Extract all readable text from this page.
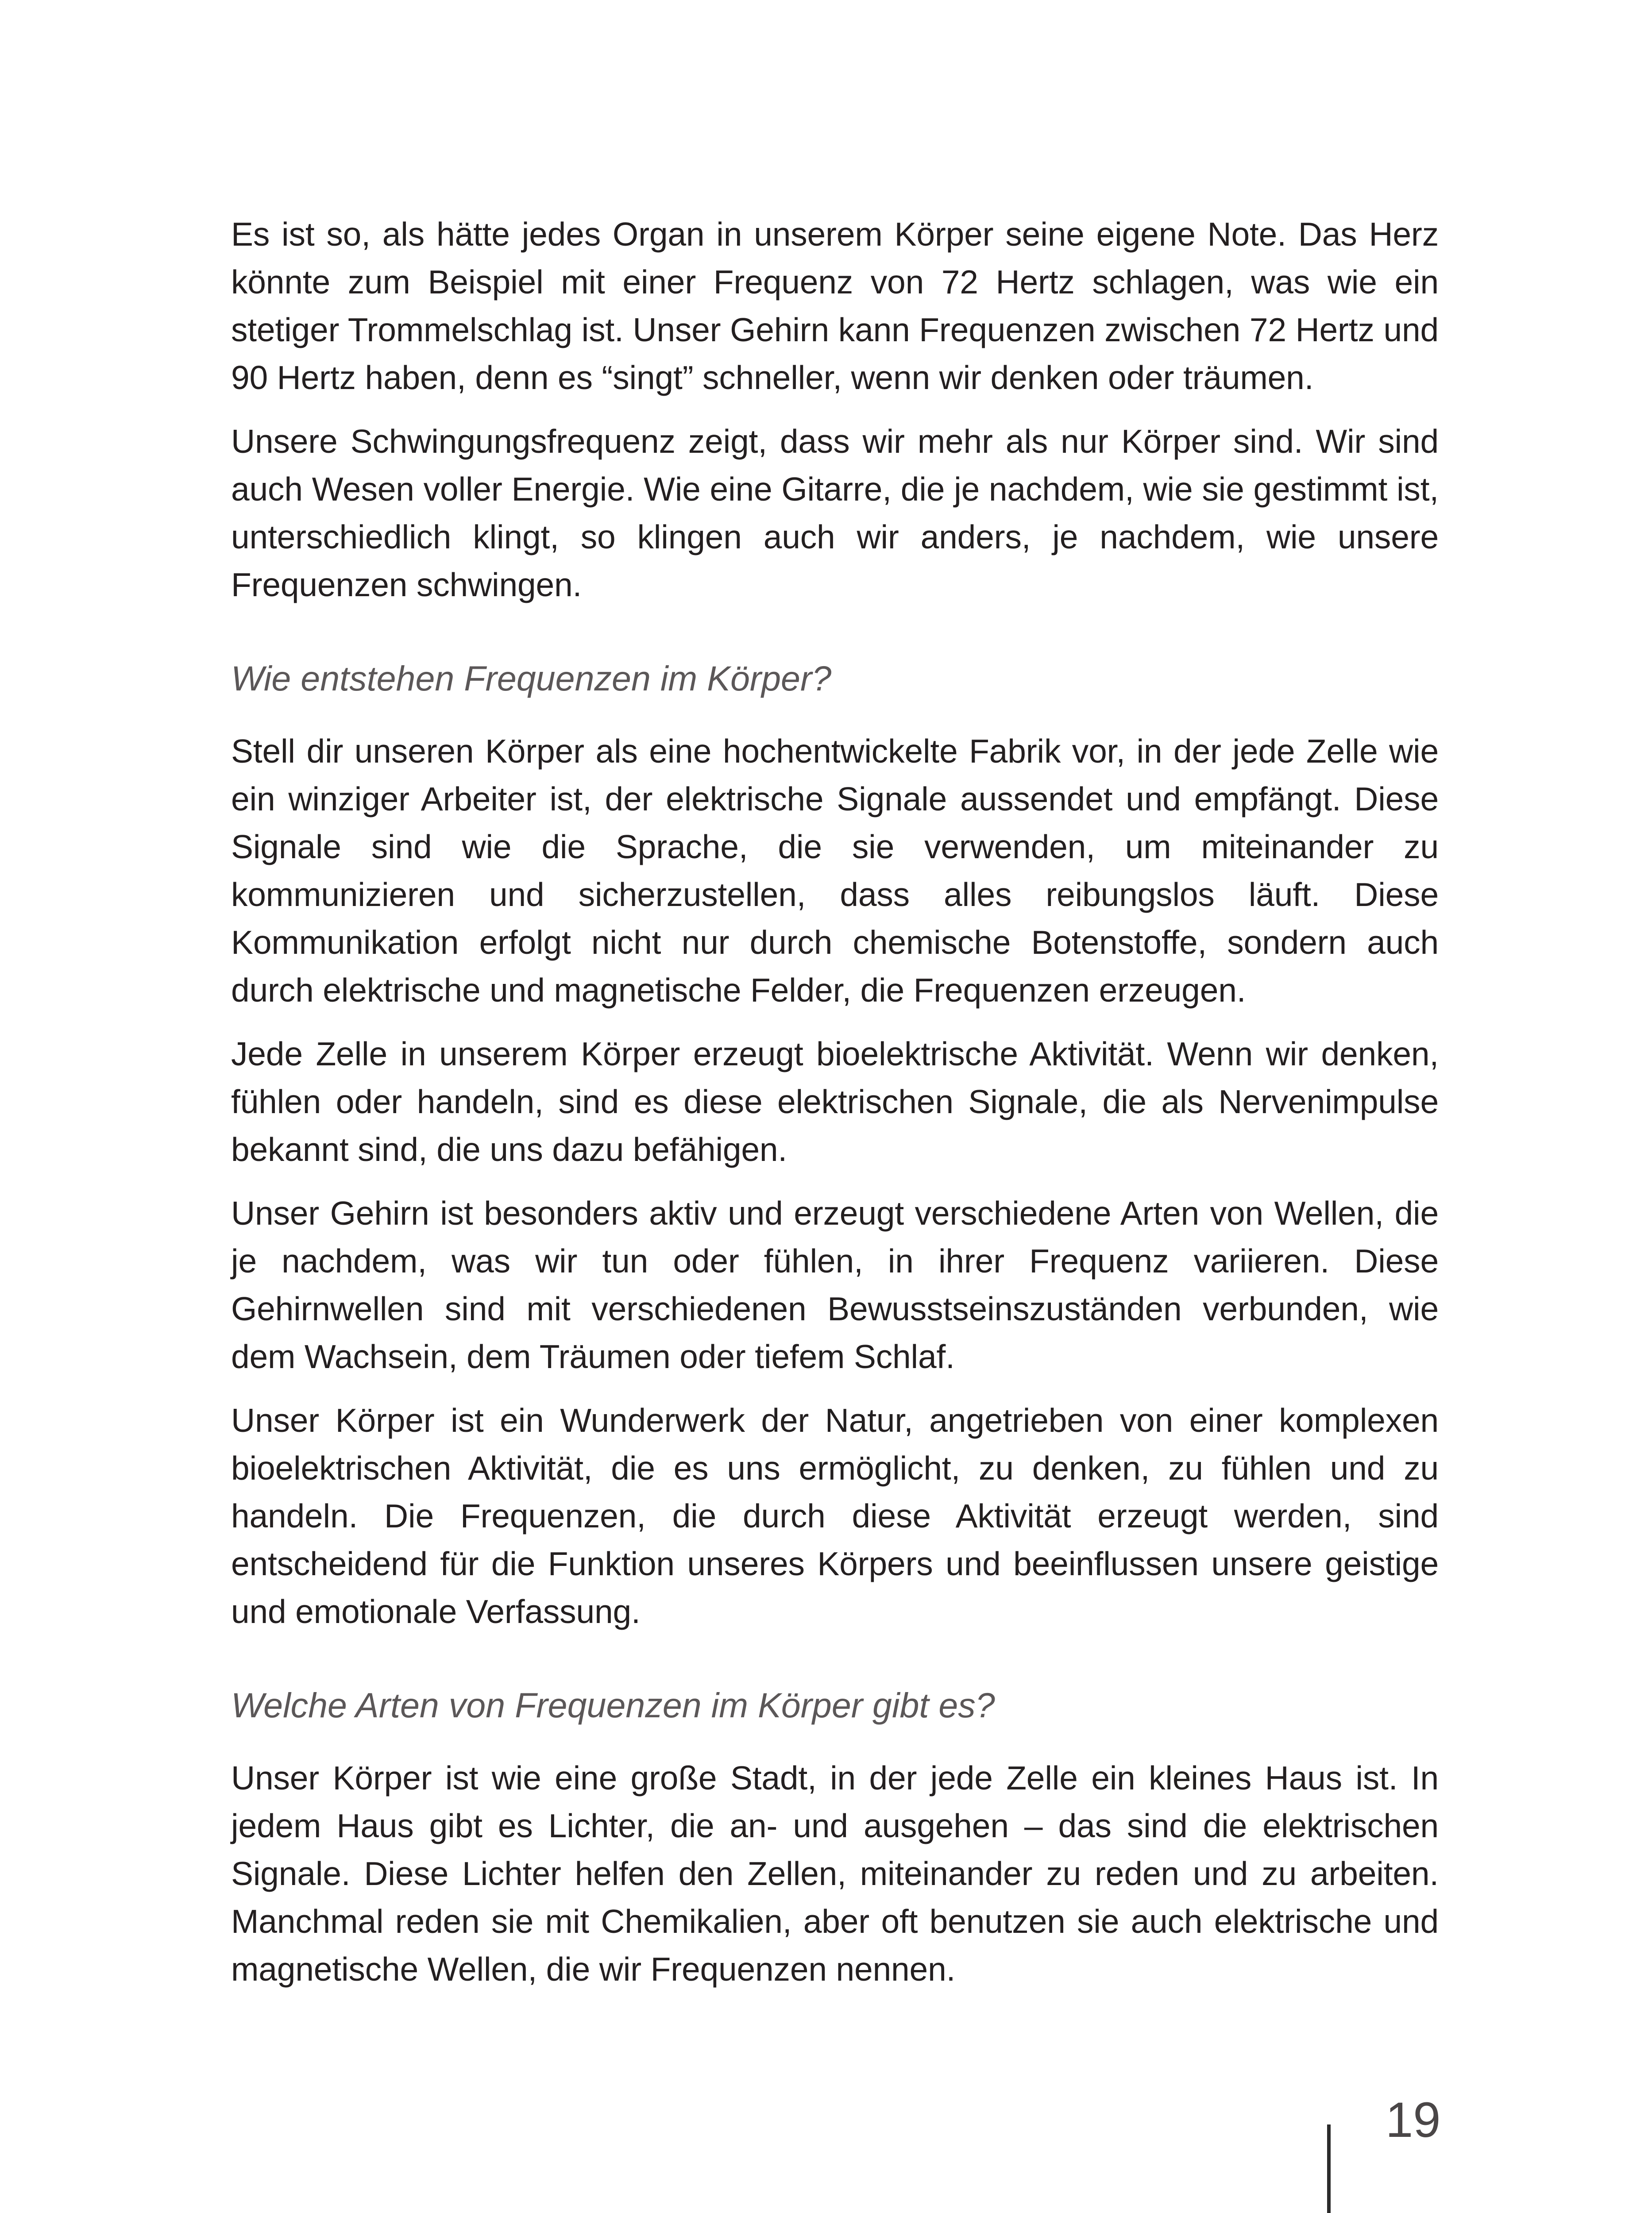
Es ist so, als hätte jedes Organ in unserem Körper seine eigene Note. Das Herz könnte zum Beispiel mit einer Frequenz von 72 Hertz schlagen, was wie ein stetiger Trommelschlag ist. Unser Gehirn kann Frequenzen zwischen 72 Hertz und 90 Hertz haben, denn es “singt” schneller, wenn wir denken oder träumen.

Unsere Schwingungsfrequenz zeigt, dass wir mehr als nur Körper sind. Wir sind auch Wesen voller Energie. Wie eine Gitarre, die je nachdem, wie sie gestimmt ist, unterschiedlich klingt, so klingen auch wir anders, je nachdem, wie unsere Frequenzen schwingen.

Wie entstehen Frequenzen im Körper?

Stell dir unseren Körper als eine hochentwickelte Fabrik vor, in der jede Zelle wie ein winziger Arbeiter ist, der elektrische Signale aussendet und empfängt. Diese Signale sind wie die Sprache, die sie verwenden, um miteinander zu kommunizieren und sicherzustellen, dass alles reibungslos läuft. Diese Kommunikation erfolgt nicht nur durch chemische Botenstoffe, sondern auch durch elektrische und magnetische Felder, die Frequenzen erzeugen.

Jede Zelle in unserem Körper erzeugt bioelektrische Aktivität. Wenn wir denken, fühlen oder handeln, sind es diese elektrischen Signale, die als Nervenimpulse bekannt sind, die uns dazu befähigen.

Unser Gehirn ist besonders aktiv und erzeugt verschiedene Arten von Wellen, die je nachdem, was wir tun oder fühlen, in ihrer Frequenz variieren. Diese Gehirnwellen sind mit verschiedenen Bewusstseinszuständen verbunden, wie dem Wachsein, dem Träumen oder tiefem Schlaf.

Unser Körper ist ein Wunderwerk der Natur, angetrieben von einer komplexen bioelektrischen Aktivität, die es uns ermöglicht, zu denken, zu fühlen und zu handeln. Die Frequenzen, die durch diese Aktivität erzeugt werden, sind entscheidend für die Funktion unseres Körpers und beeinflussen unsere geistige und emotionale Verfassung.

Welche Arten von Frequenzen im Körper gibt es?

Unser Körper ist wie eine große Stadt, in der jede Zelle ein kleines Haus ist. In jedem Haus gibt es Lichter, die an- und ausgehen – das sind die elektrischen Signale. Diese Lichter helfen den Zellen, miteinander zu reden und zu arbeiten. Manchmal reden sie mit Chemikalien, aber oft benutzen sie auch elektrische und magnetische Wellen, die wir Frequenzen nennen.

19
